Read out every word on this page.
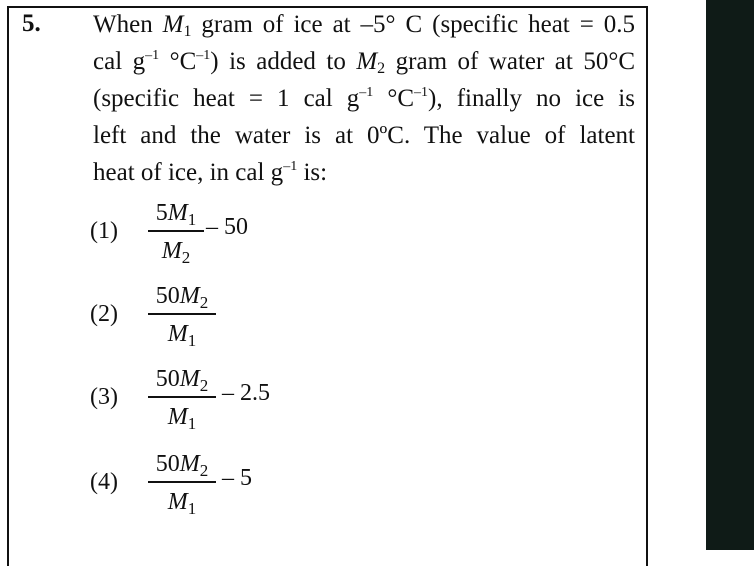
5. When $M_1$ gram of ice at –5° C (specific heat = 0.5
cal $g^{-1}$ $^\circ C^{-1}$) is added to $M_2$ gram of water at 50°C
(specific heat = 1 cal $g^{-1}$ $^\circ C^{-1}$), finally no ice is
left and the water is at 0ºC. The value of latent
heat of ice, in cal $g^{-1}$ is:
(1)
$5M_1$
$M_2$
– 50
(2)
$50M_2$
$M_1$
(3)
$50M_2$
$M_1$
– 2.5
(4)
$50M_2$
$M_1$
– 5
